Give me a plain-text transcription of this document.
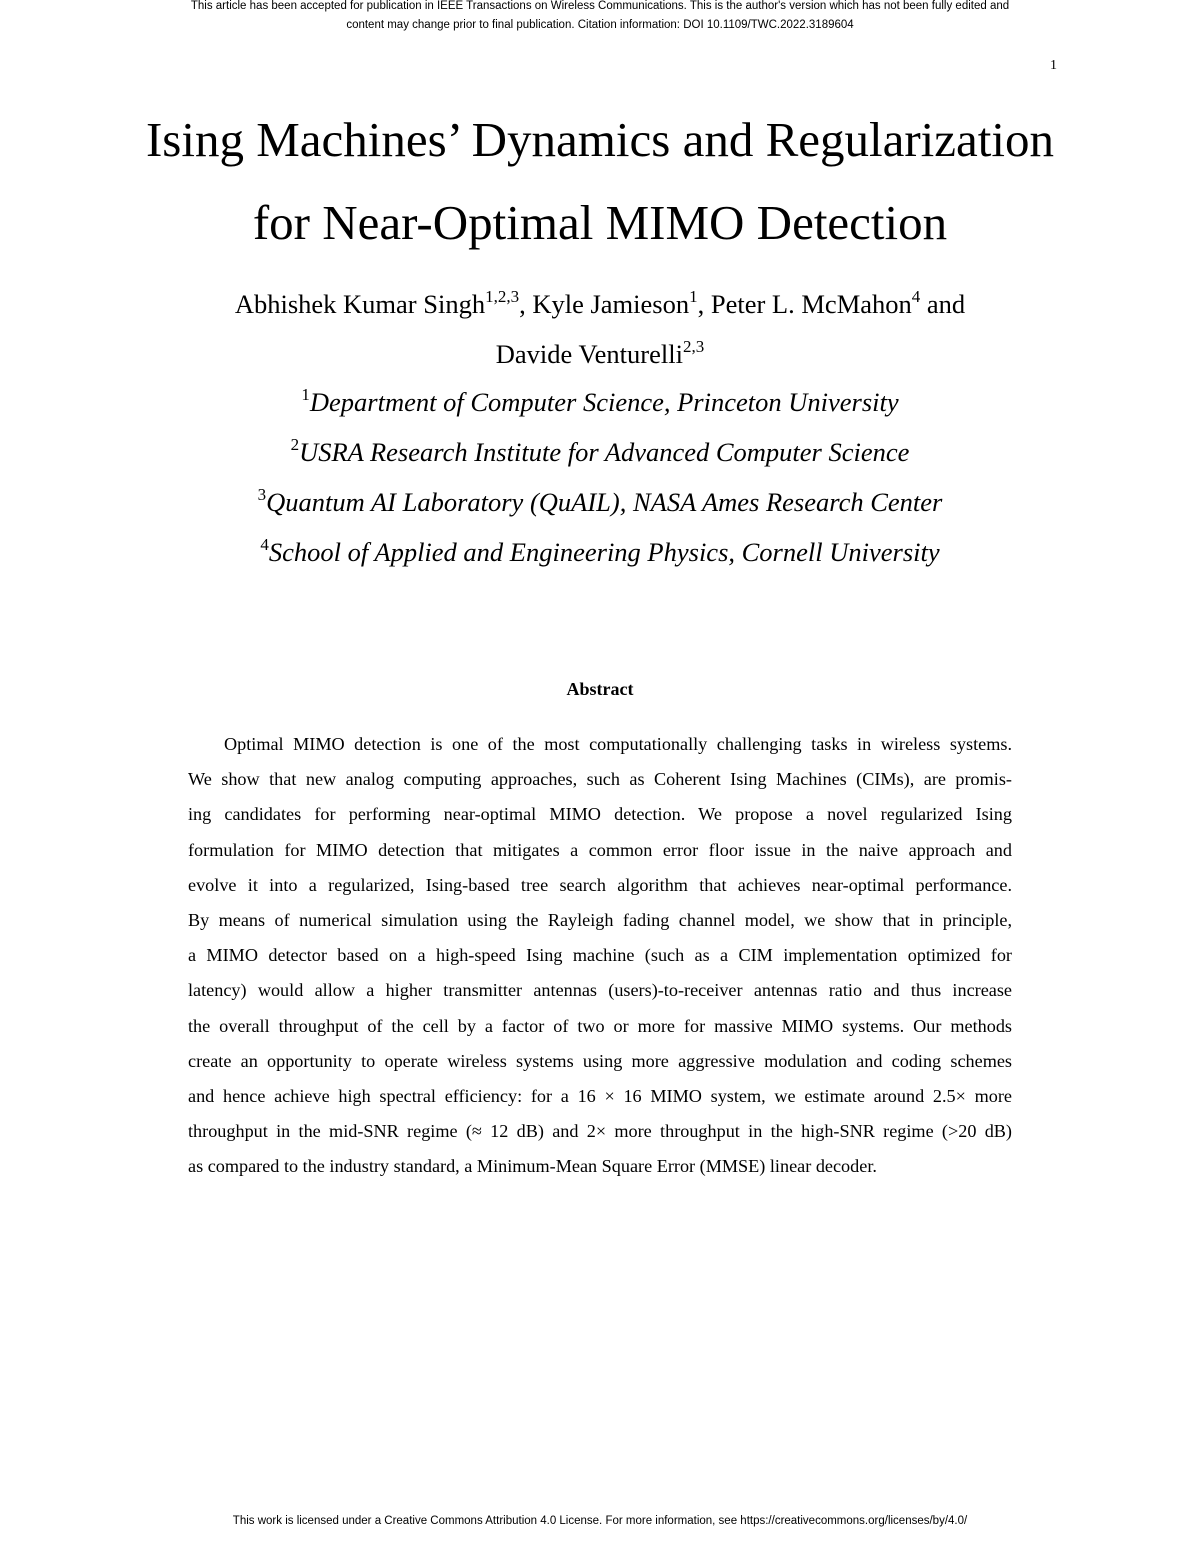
This article has been accepted for publication in IEEE Transactions on Wireless Communications. This is the author's version which has not been fully edited and
content may change prior to final publication. Citation information: DOI 10.1109/TWC.2022.3189604
1
Ising Machines’ Dynamics and Regularization
for Near-Optimal MIMO Detection
Abhishek Kumar Singh$^{1,2,3}$, Kyle Jamieson$^1$, Peter L. McMahon$^4$ and
Davide Venturelli$^{2,3}$
$^1$Department of Computer Science, Princeton University
$^2$USRA Research Institute for Advanced Computer Science
$^3$Quantum AI Laboratory (QuAIL), NASA Ames Research Center
$^4$School of Applied and Engineering Physics, Cornell University
Abstract
Optimal MIMO detection is one of the most computationally challenging tasks in wireless systems.
We show that new analog computing approaches, such as Coherent Ising Machines (CIMs), are promis-
ing candidates for performing near-optimal MIMO detection. We propose a novel regularized Ising
formulation for MIMO detection that mitigates a common error floor issue in the naive approach and
evolve it into a regularized, Ising-based tree search algorithm that achieves near-optimal performance.
By means of numerical simulation using the Rayleigh fading channel model, we show that in principle,
a MIMO detector based on a high-speed Ising machine (such as a CIM implementation optimized for
latency) would allow a higher transmitter antennas (users)-to-receiver antennas ratio and thus increase
the overall throughput of the cell by a factor of two or more for massive MIMO systems. Our methods
create an opportunity to operate wireless systems using more aggressive modulation and coding schemes
and hence achieve high spectral efficiency: for a 16 × 16 MIMO system, we estimate around 2.5× more
throughput in the mid-SNR regime (≈ 12 dB) and 2× more throughput in the high-SNR regime (>20 dB)
as compared to the industry standard, a Minimum-Mean Square Error (MMSE) linear decoder.
This work is licensed under a Creative Commons Attribution 4.0 License. For more information, see https://creativecommons.org/licenses/by/4.0/
